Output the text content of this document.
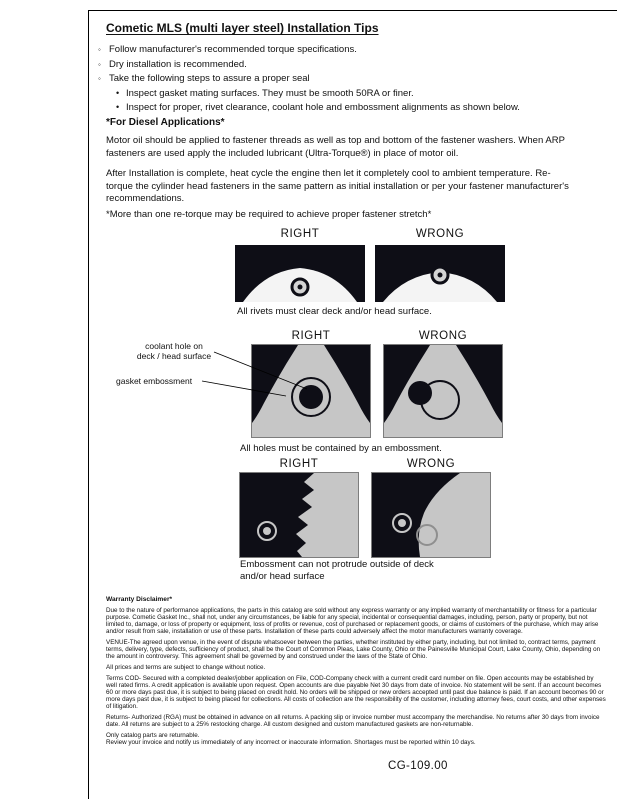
Cometic MLS (multi layer steel) Installation Tips
◦ Follow manufacturer's recommended torque specifications.
◦ Dry installation is recommended.
◦ Take the following steps to assure a proper seal
• Inspect gasket mating surfaces. They must be smooth 50RA or finer.
• Inspect for proper, rivet clearance, coolant hole and embossment alignments as shown below.
*For Diesel Applications*

Motor oil should be applied to fastener threads as well as top and bottom of the fastener washers. When ARP fasteners are used apply the included lubricant (Ultra-Torque®) in place of motor oil.

After Installation is complete, heat cycle the engine then let it completely cool to ambient temperature. Re-torque the cylinder head fasteners in the same pattern as initial installation or per your fastener manufacturer's recommendations.

*More than one re-torque may be required to achieve proper fastener stretch*

RIGHT	WRONG
All rivets must clear deck and/or head surface.
RIGHT	WRONG
coolant hole on
deck / head surface
gasket embossment
All holes must be contained by an embossment.
RIGHT	WRONG
Embossment can not protrude outside of deck
and/or head surface
Warranty Disclaimer*

Due to the nature of performance applications, the parts in this catalog are sold without any express warranty or any implied warranty of merchantability or fitness for a particular purpose. Cometic Gasket Inc., shall not, under any circumstances, be liable for any special, incidental or consequential damages, including, person, party or property, but not limited to, damage, or loss of property or equipment, loss of profits or revenue, cost of purchased or replacement goods, or claims of customers of the purchase, which may arise and/or result from sale, installation or use of these parts. Installation of these parts could adversely affect the motor manufacturers warranty coverage.

VENUE-The agreed upon venue, in the event of dispute whatsoever between the parties, whether instituted by either party, including, but not limited to, contract terms, payment terms, delivery, type, defects, sufficiency of product, shall be the Court of Common Pleas, Lake County, Ohio or the Painesville Municipal Court, Lake County, Ohio, depending on the amount in controversy. This agreement shall be governed by and construed under the laws of the State of Ohio.

All prices and terms are subject to change without notice.

Terms COD- Secured with a completed dealer/jobber application on File, COD-Company check with a current credit card number on file. Open accounts may be established by well rated firms. A credit application is available upon request. Open accounts are due payable Net 30 days from date of invoice. No statement will be sent. If an account becomes 60 or more days past due, it is subject to being placed on credit hold. No orders will be shipped or new orders accepted until past due balance is paid. If an account becomes 90 or more days past due, it is subject to being placed for collections. All costs of collection are the responsibility of the customer, including attorney fees, court costs, and other expenses of litigation.

Returns- Authorized (RGA) must be obtained in advance on all returns. A packing slip or invoice number must accompany the merchandise. No returns after 30 days from invoice date. All returns are subject to a 25% restocking charge. All custom designed and custom manufactured gaskets are non-returnable.

Only catalog parts are returnable.

Review your invoice and notify us immediately of any incorrect or inaccurate information. Shortages must be reported within 10 days.

CG-109.00
